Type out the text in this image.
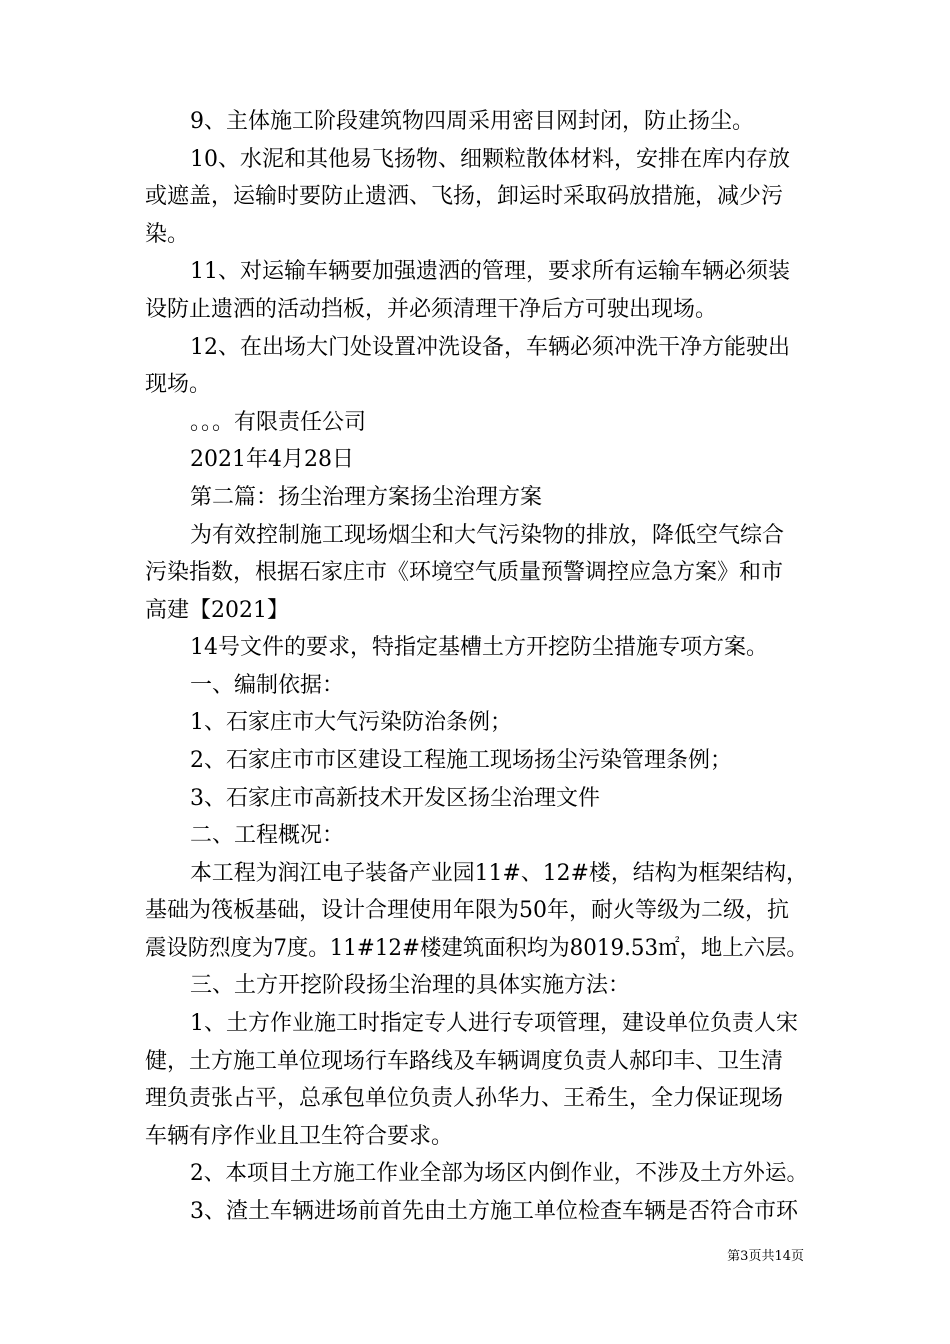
9、主体施工阶段建筑物四周采用密目网封闭，防止扬尘。
10、水泥和其他易飞扬物、细颗粒散体材料，安排在库内存放
或遮盖，运输时要防止遗洒、飞扬，卸运时采取码放措施，减少污
染。
11、对运输车辆要加强遗洒的管理，要求所有运输车辆必须装
设防止遗洒的活动挡板，并必须清理干净后方可驶出现场。
12、在出场大门处设置冲洗设备，车辆必须冲洗干净方能驶出
现场。
。。。有限责任公司
2021年4月28日
第二篇：扬尘治理方案扬尘治理方案
为有效控制施工现场烟尘和大气污染物的排放，降低空气综合
污染指数，根据石家庄市《环境空气质量预警调控应急方案》和市
高建【2021】
14号文件的要求，特指定基槽土方开挖防尘措施专项方案。
一、编制依据：
1、石家庄市大气污染防治条例；
2、石家庄市市区建设工程施工现场扬尘污染管理条例；
3、石家庄市高新技术开发区扬尘治理文件
二、工程概况：
本工程为润江电子装备产业园11#、12#楼，结构为框架结构，
基础为筏板基础，设计合理使用年限为50年，耐火等级为二级，抗
震设防烈度为7度。11#12#楼建筑面积均为8019.53㎡，地上六层。
三、土方开挖阶段扬尘治理的具体实施方法：
1、土方作业施工时指定专人进行专项管理，建设单位负责人宋
健，土方施工单位现场行车路线及车辆调度负责人郝印丰、卫生清
理负责张占平，总承包单位负责人孙华力、王希生，全力保证现场
车辆有序作业且卫生符合要求。
2、本项目土方施工作业全部为场区内倒作业，不涉及土方外运。
3、渣土车辆进场前首先由土方施工单位检查车辆是否符合市环
第3页共14页
